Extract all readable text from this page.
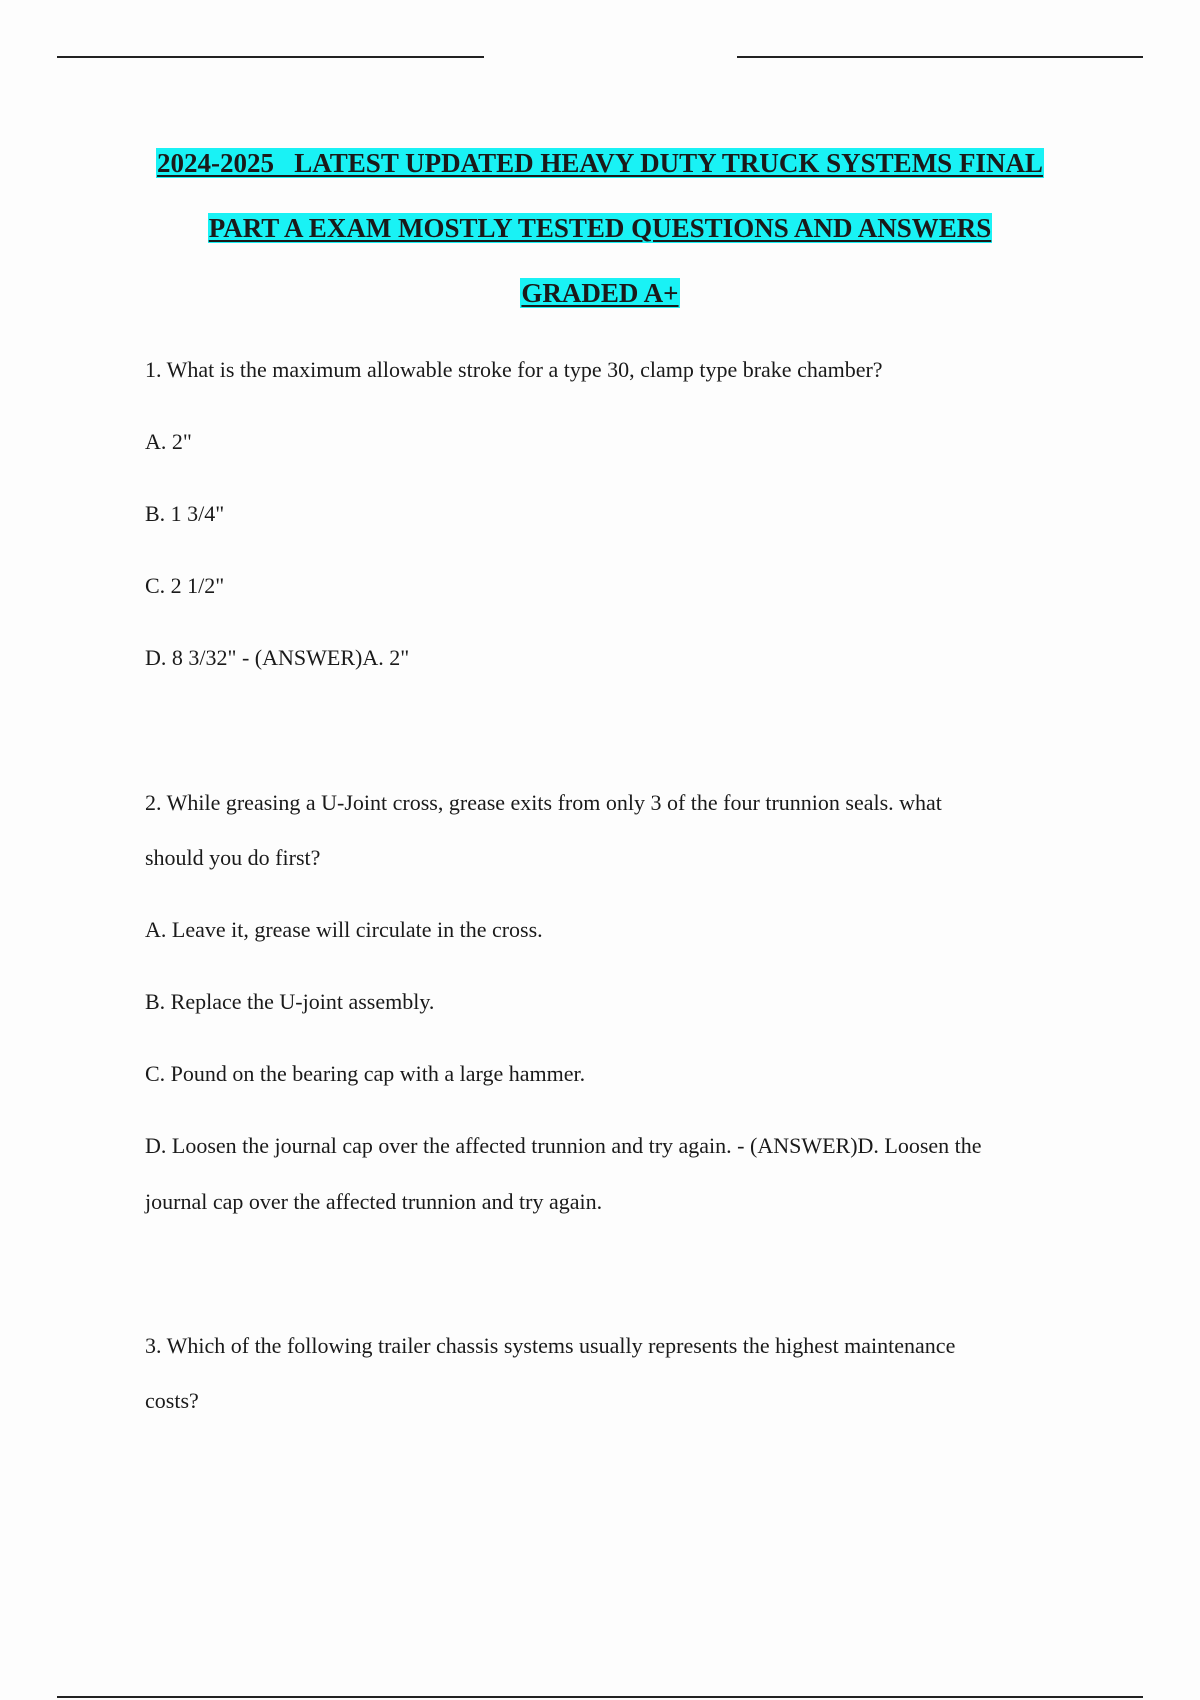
2024-2025   LATEST UPDATED HEAVY DUTY TRUCK SYSTEMS FINAL
PART A EXAM MOSTLY TESTED QUESTIONS AND ANSWERS
GRADED A+
1. What is the maximum allowable stroke for a type 30, clamp type brake chamber?
A. 2"
B. 1 3/4"
C. 2 1/2"
D. 8 3/32" - (ANSWER)A. 2"
2. While greasing a U-Joint cross, grease exits from only 3 of the four trunnion seals. what
should you do first?
A. Leave it, grease will circulate in the cross.
B. Replace the U-joint assembly.
C. Pound on the bearing cap with a large hammer.
D. Loosen the journal cap over the affected trunnion and try again. - (ANSWER)D. Loosen the
journal cap over the affected trunnion and try again.
3. Which of the following trailer chassis systems usually represents the highest maintenance
costs?
